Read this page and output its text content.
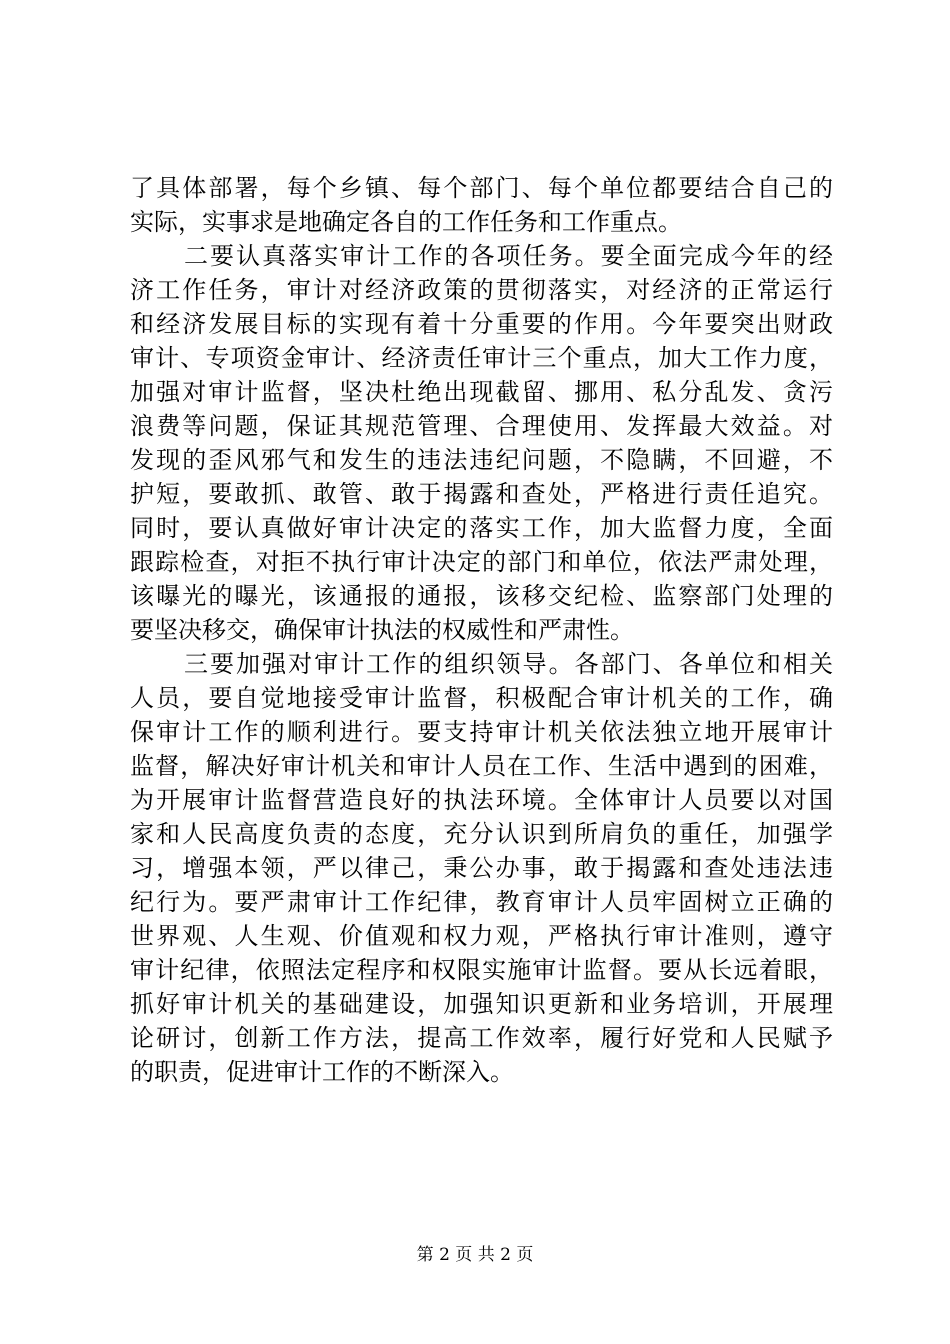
了具体部署，每个乡镇、每个部门、每个单位都要结合自己的
实际，实事求是地确定各自的工作任务和工作重点。
二要认真落实审计工作的各项任务。要全面完成今年的经
济工作任务，审计对经济政策的贯彻落实，对经济的正常运行
和经济发展目标的实现有着十分重要的作用。今年要突出财政
审计、专项资金审计、经济责任审计三个重点，加大工作力度，
加强对审计监督，坚决杜绝出现截留、挪用、私分乱发、贪污
浪费等问题，保证其规范管理、合理使用、发挥最大效益。对
发现的歪风邪气和发生的违法违纪问题，不隐瞒，不回避，不
护短，要敢抓、敢管、敢于揭露和查处，严格进行责任追究。
同时，要认真做好审计决定的落实工作，加大监督力度，全面
跟踪检查，对拒不执行审计决定的部门和单位，依法严肃处理，
该曝光的曝光，该通报的通报，该移交纪检、监察部门处理的
要坚决移交，确保审计执法的权威性和严肃性。
三要加强对审计工作的组织领导。各部门、各单位和相关
人员，要自觉地接受审计监督，积极配合审计机关的工作，确
保审计工作的顺利进行。要支持审计机关依法独立地开展审计
监督，解决好审计机关和审计人员在工作、生活中遇到的困难，
为开展审计监督营造良好的执法环境。全体审计人员要以对国
家和人民高度负责的态度，充分认识到所肩负的重任，加强学
习，增强本领，严以律己，秉公办事，敢于揭露和查处违法违
纪行为。要严肃审计工作纪律，教育审计人员牢固树立正确的
世界观、人生观、价值观和权力观，严格执行审计准则，遵守
审计纪律，依照法定程序和权限实施审计监督。要从长远着眼，
抓好审计机关的基础建设，加强知识更新和业务培训，开展理
论研讨，创新工作方法，提高工作效率，履行好党和人民赋予
的职责，促进审计工作的不断深入。
第 2 页 共 2 页
